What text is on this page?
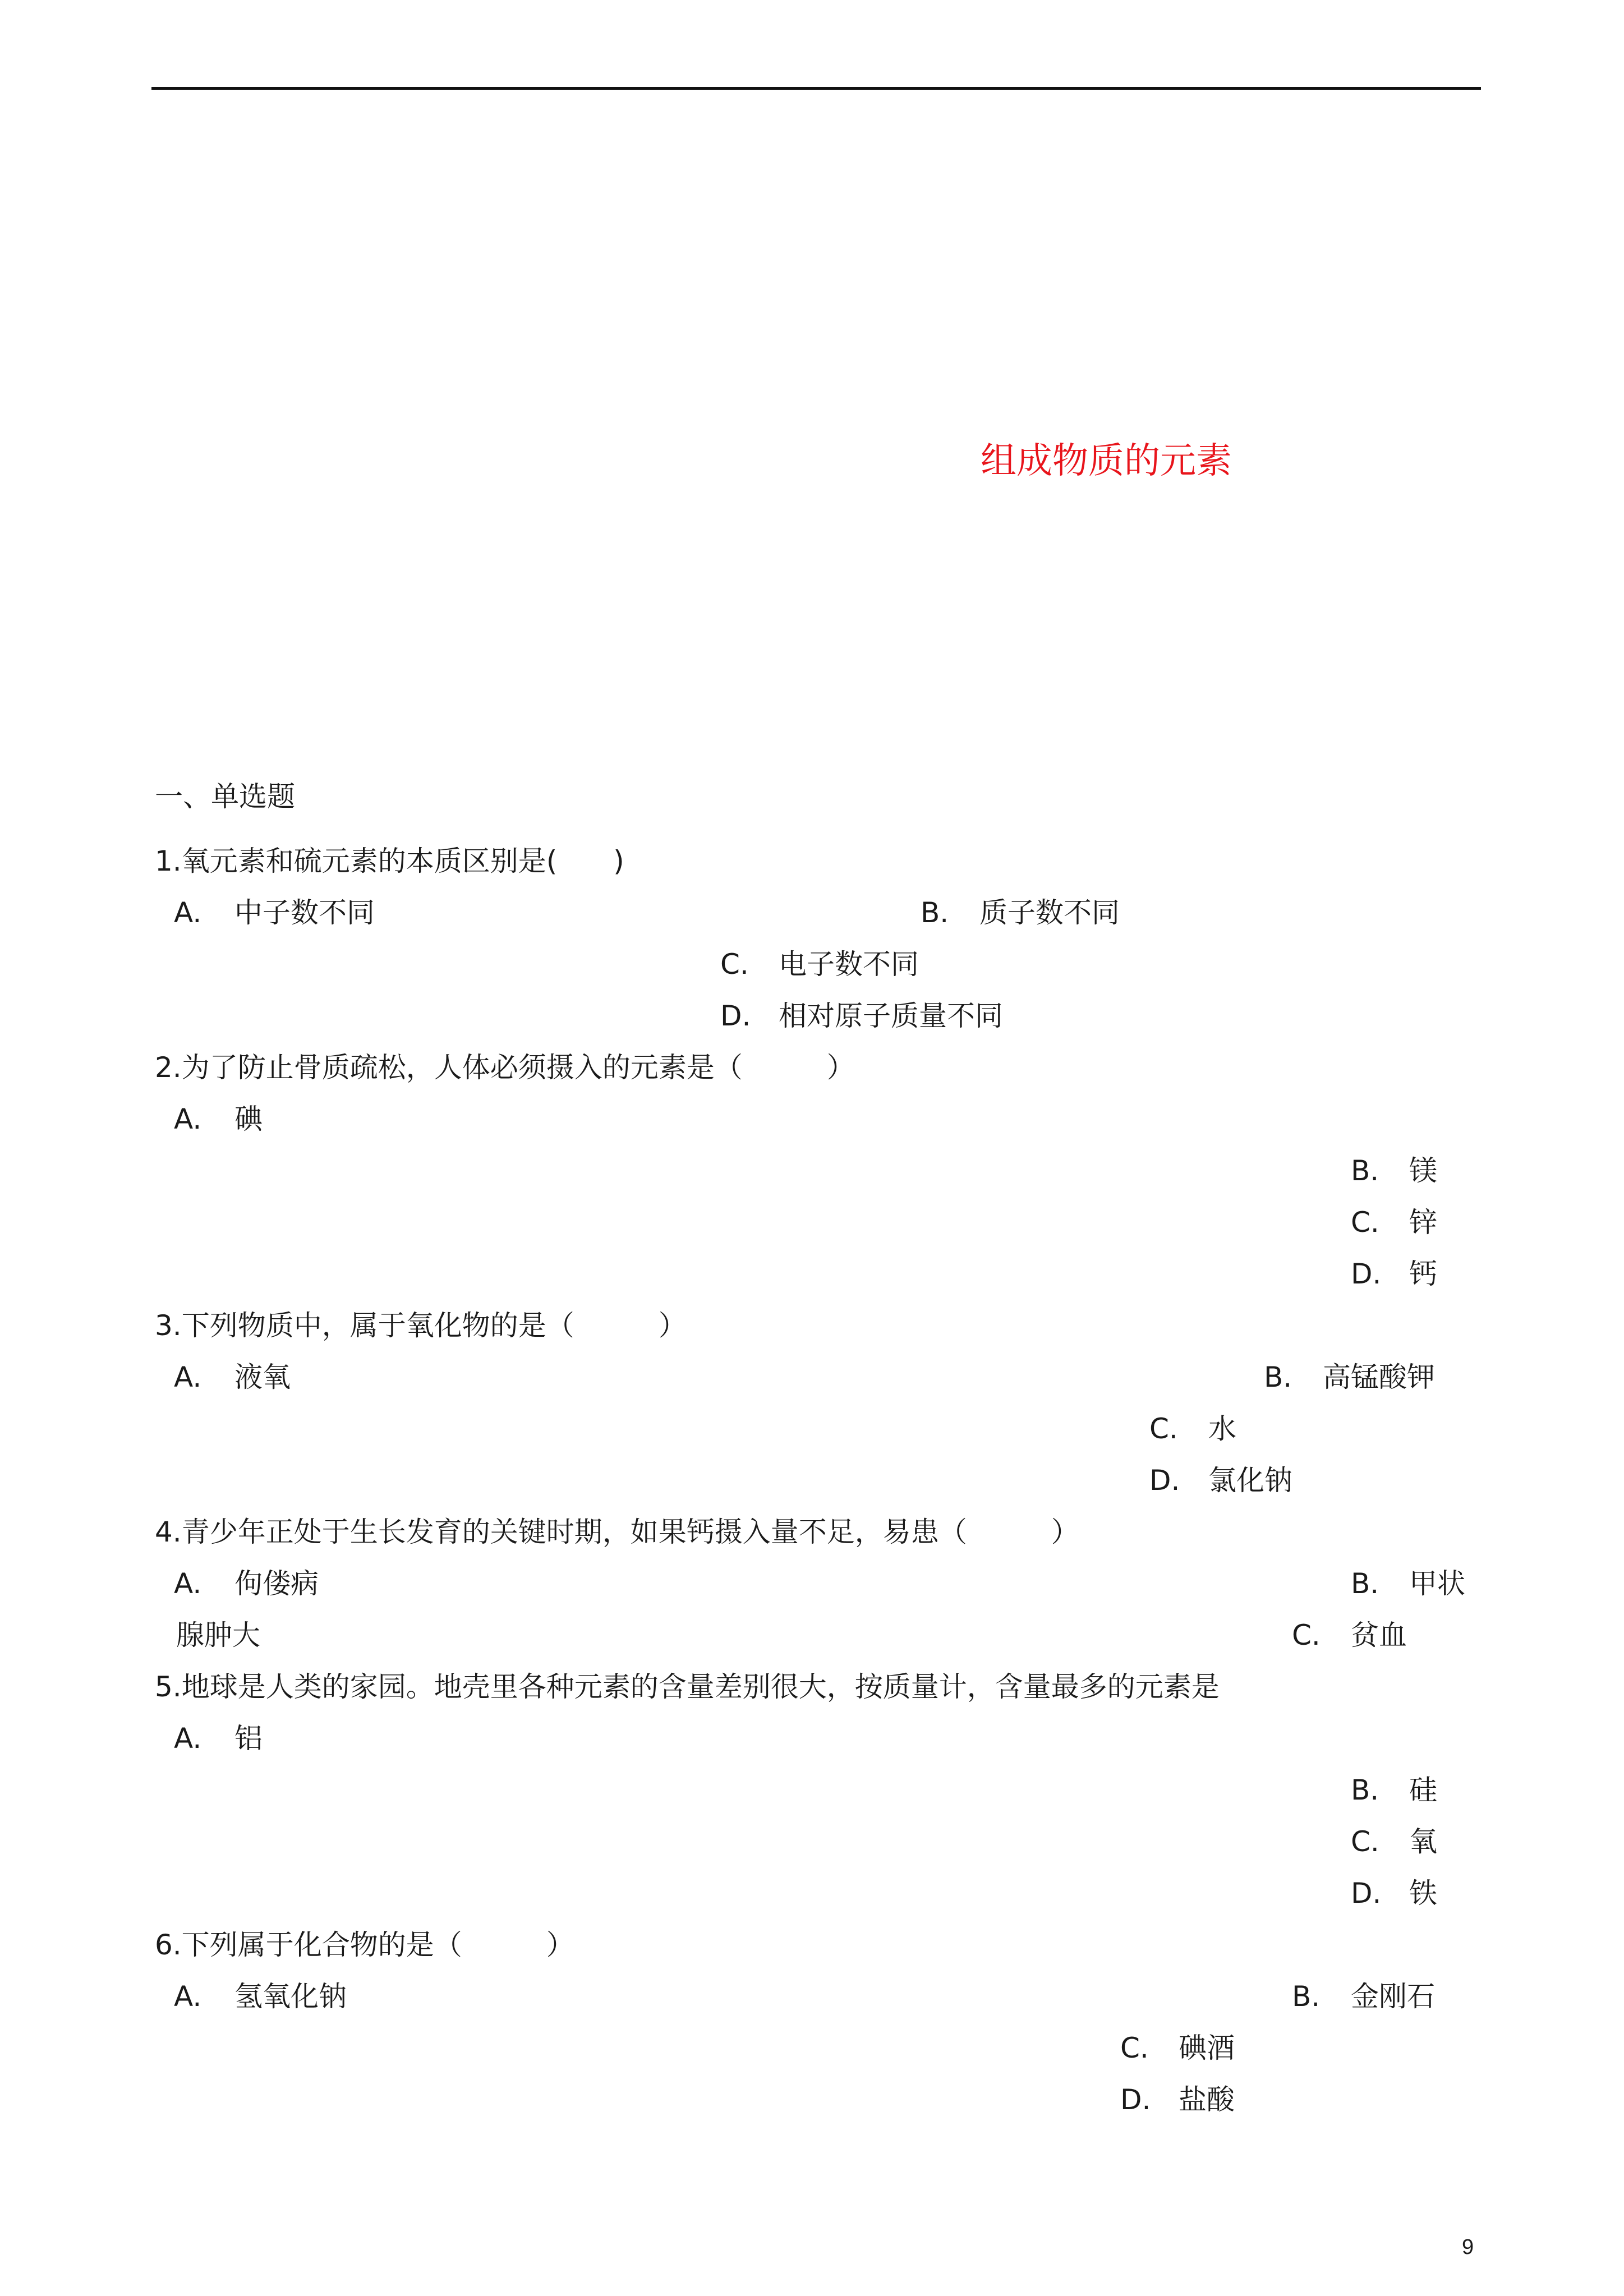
组成物质的元素
一、单选题
1.氧元素和硫元素的本质区别是(　　)
A. 中子数不同	B. 质子数不同
C. 电子数不同
D. 相对原子质量不同
2.为了防止骨质疏松，人体必须摄入的元素是（　　　）
A. 碘
B. 镁
C. 锌
D. 钙
3.下列物质中，属于氧化物的是（　　　）
A. 液氧	B. 高锰酸钾
C. 水
D. 氯化钠
4.青少年正处于生长发育的关键时期，如果钙摄入量不足，易患（　　　）
A. 佝偻病	B. 甲状
腺肿大	C. 贫血
5.地球是人类的家园。地壳里各种元素的含量差别很大，按质量计，含量最多的元素是
A. 铝
B. 硅
C. 氧
D. 铁
6.下列属于化合物的是（　　　）
A. 氢氧化钠	B. 金刚石
C. 碘酒
D. 盐酸
9
